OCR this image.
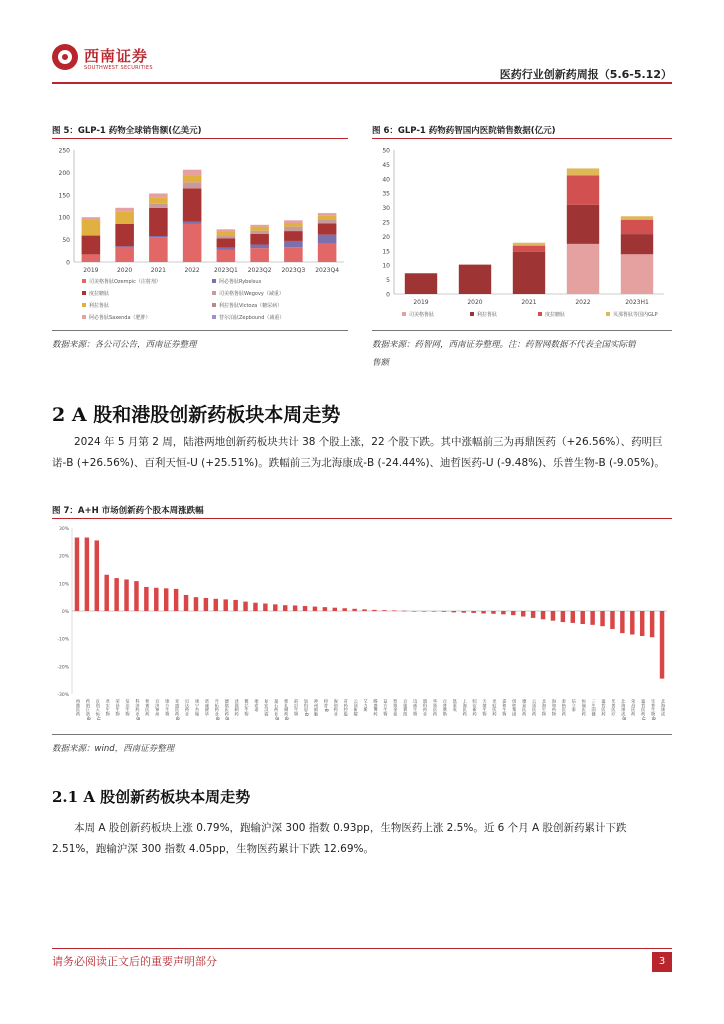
西南证券
SOUTHWEST SECURITIES	医药行业创新药周报（5.6-5.12）
图 5：GLP-1 药物全球销售额(亿美元)
250
200
150
100
50
0
2019	2020	2021	2022 2023Q1 2023Q2 2023Q3 2023Q4
司美格鲁肽Ozempic（注射剂）	阿必鲁肽Rybelsus
度拉糖肽	司美格鲁肽Wegovy（减重）
利拉鲁肽	利拉鲁肽Victoza（糖尿病）
阿必鲁肽Saxenda（肥胖）	替尔泊肽Zepbound（减重）
数据来源：各公司公告，西南证券整理
图 6：GLP-1 药物药智国内医院销售数据(亿元)
50
45
40
35
30
25
20
15
10
5
0
2019	2020	2021	2022	2023H1
司美格鲁肽	利拉鲁肽	度拉糖肽	贝那鲁肽等国内GLP
数据来源：药智网，西南证券整理。注：药智网数据不代表全国实际销
售额
2 A 股和港股创新药板块本周走势
2024 年 5 月第 2 周，陆港两地创新药板块共计 38 个股上涨，22 个股下跌。其中涨幅前三为再鼎医药（+26.56%）、药明巨诺-B (+26.56%)、百利天恒-U (+25.51%)。跌幅前三为北海康成-B (-24.44%)、迪哲医药-U (-9.48%)、乐普生物-B (-9.05%)。
图 7：A+H 市场创新药个股本周涨跌幅
30%
20%
10%
0%
-10%
-20%
-30%
再鼎医药 药明巨诺-B 百利天恒-U 君实生物 荣昌生物 信达生物 科济药业-B 和黄医药 百济神州 康方生物 亚盛医药-B 贝达药业 康宁杰瑞 诺诚健华 开拓药业-B 德琪医药-B 泽璟制药 微芯生物 康希诺 复宏汉霖 基石药业-B 歌礼制药-B 前沿生物 加科思-B 神州细胞 和誉-B 海创药业 首药控股 云顶新耀 艾力斯 腾盛博药 益方生物 智翔金泰 百奥赛图 迈威生物 盟科药业 华领医药 百普赛斯 凯莱英 上海医药 昭衍新药 天境生物 亚虹医药 嘉和生物 创胜集团 德昇医药 云顶医药 北海生物 海和药物 泰格医药 信立泰 恒瑞医药 三生国健 迪哲医药 乐普医疗 北海康成-B 荣昌医药 迪哲医药-U 乐普生物-B 北海康成
数据来源：wind，西南证券整理
2.1 A 股创新药板块本周走势
本周 A 股创新药板块上涨 0.79%，跑输沪深 300 指数 0.93pp，生物医药上涨 2.5%。近 6 个月 A 股创新药累计下跌 2.51%，跑输沪深 300 指数 4.05pp，生物医药累计下跌 12.69%。
请务必阅读正文后的重要声明部分	3
